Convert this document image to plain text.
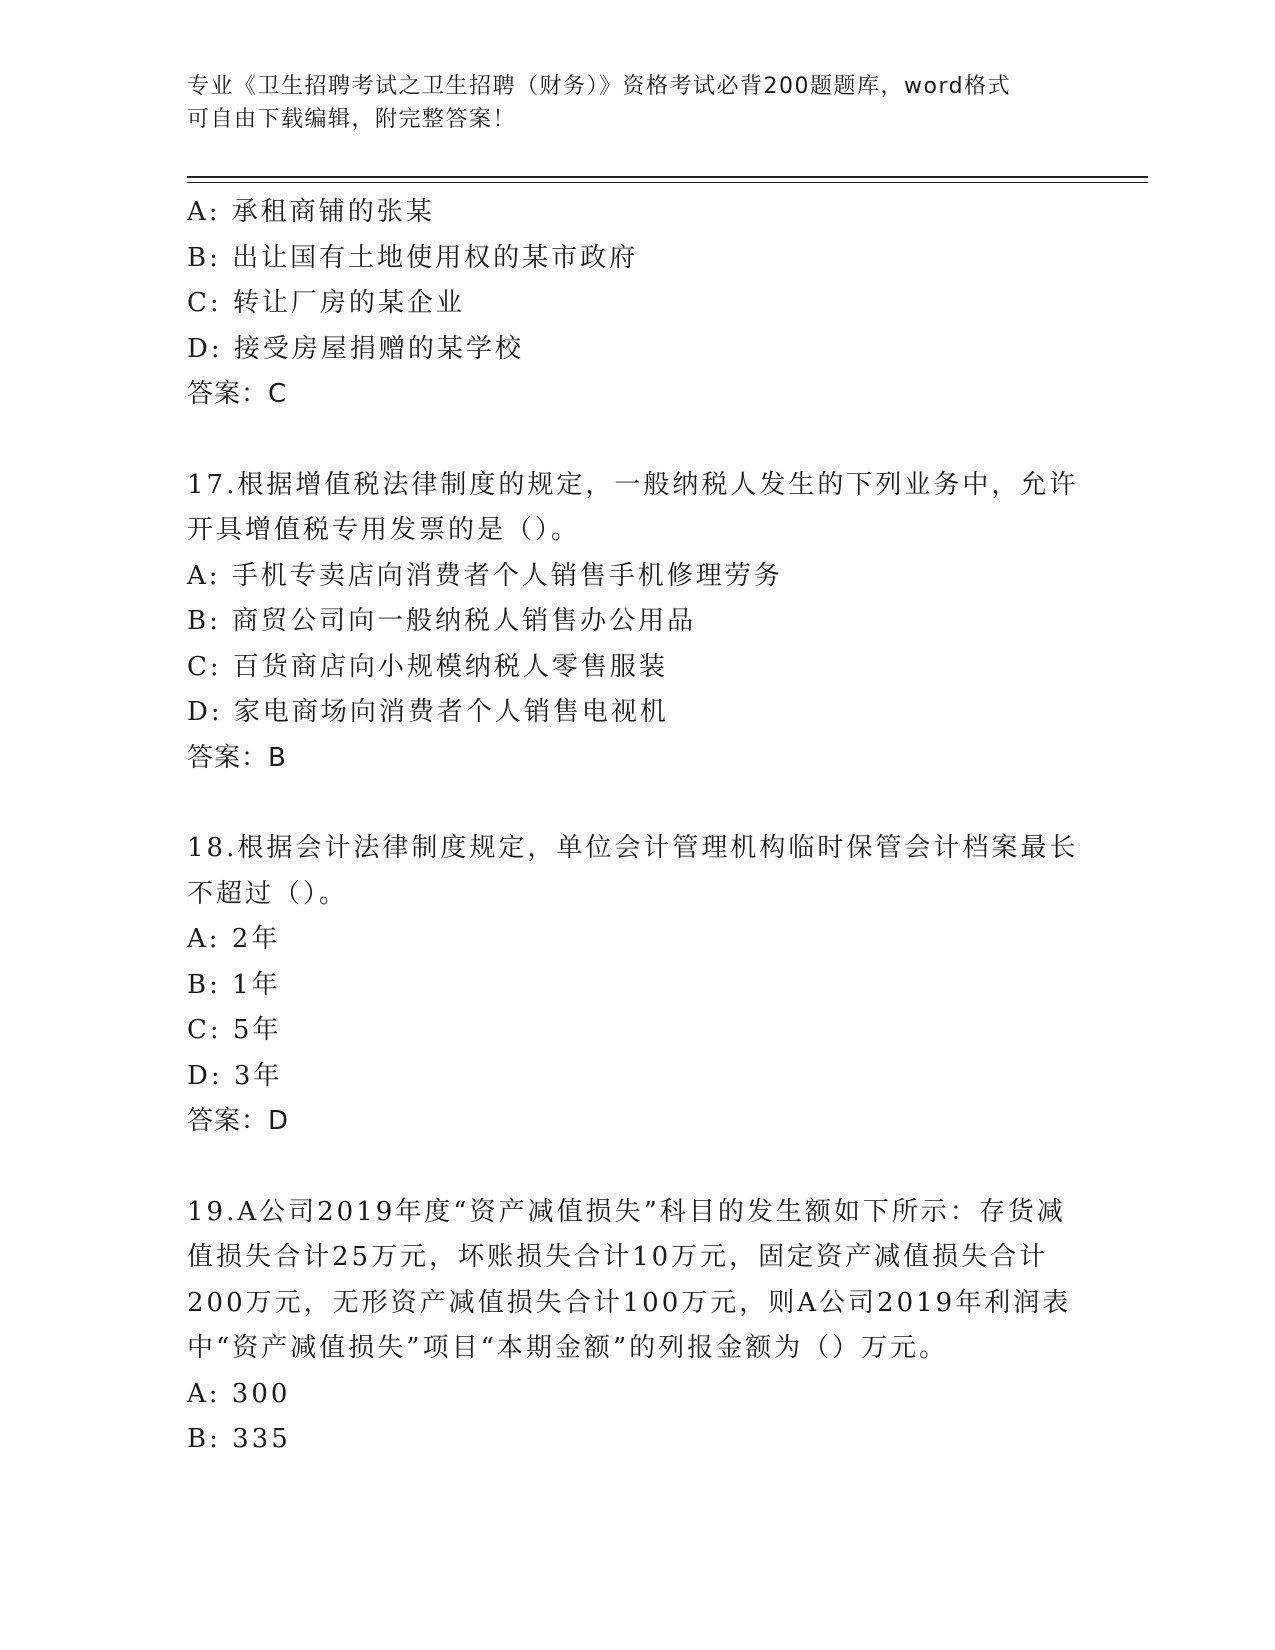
专业《卫生招聘考试之卫生招聘（财务）》资格考试必背200题题库，word格式
可自由下载编辑，附完整答案！
A: 承租商铺的张某
B: 出让国有土地使用权的某市政府
C: 转让厂房的某企业
D: 接受房屋捐赠的某学校
答案：C
17.根据增值税法律制度的规定，一般纳税人发生的下列业务中，允许
开具增值税专用发票的是（）。
A: 手机专卖店向消费者个人销售手机修理劳务
B: 商贸公司向一般纳税人销售办公用品
C: 百货商店向小规模纳税人零售服装
D: 家电商场向消费者个人销售电视机
答案：B
18.根据会计法律制度规定，单位会计管理机构临时保管会计档案最长
不超过（）。
A: 2年
B: 1年
C: 5年
D: 3年
答案：D
19.A公司2019年度“资产减值损失”科目的发生额如下所示：存货减
值损失合计25万元，坏账损失合计10万元，固定资产减值损失合计
200万元，无形资产减值损失合计100万元，则A公司2019年利润表
中“资产减值损失”项目“本期金额”的列报金额为（）万元。
A: 300
B: 335
